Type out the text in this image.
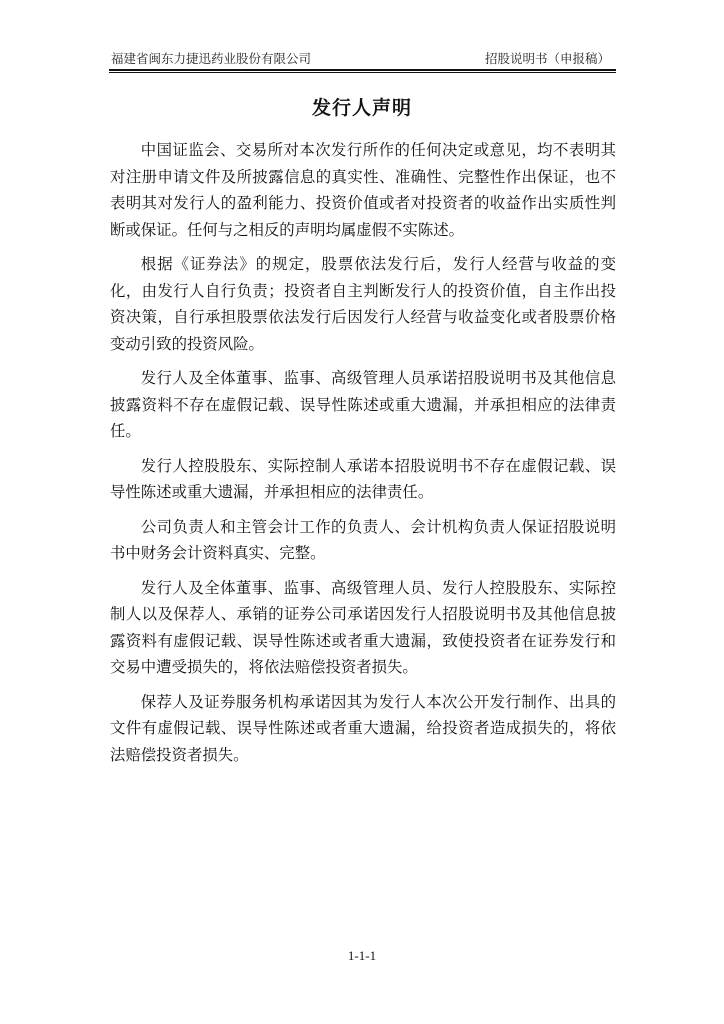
福建省闽东力捷迅药业股份有限公司	招股说明书（申报稿）
发行人声明

中国证监会、交易所对本次发行所作的任何决定或意见，均不表明其对注册申请文件及所披露信息的真实性、准确性、完整性作出保证，也不表明其对发行人的盈利能力、投资价值或者对投资者的收益作出实质性判断或保证。任何与之相反的声明均属虚假不实陈述。

根据《证券法》的规定，股票依法发行后，发行人经营与收益的变化，由发行人自行负责；投资者自主判断发行人的投资价值，自主作出投资决策，自行承担股票依法发行后因发行人经营与收益变化或者股票价格变动引致的投资风险。

发行人及全体董事、监事、高级管理人员承诺招股说明书及其他信息披露资料不存在虚假记载、误导性陈述或重大遗漏，并承担相应的法律责任。

发行人控股股东、实际控制人承诺本招股说明书不存在虚假记载、误导性陈述或重大遗漏，并承担相应的法律责任。

公司负责人和主管会计工作的负责人、会计机构负责人保证招股说明书中财务会计资料真实、完整。

发行人及全体董事、监事、高级管理人员、发行人控股股东、实际控制人以及保荐人、承销的证券公司承诺因发行人招股说明书及其他信息披露资料有虚假记载、误导性陈述或者重大遗漏，致使投资者在证券发行和交易中遭受损失的，将依法赔偿投资者损失。

保荐人及证券服务机构承诺因其为发行人本次公开发行制作、出具的文件有虚假记载、误导性陈述或者重大遗漏，给投资者造成损失的，将依法赔偿投资者损失。

1-1-1
